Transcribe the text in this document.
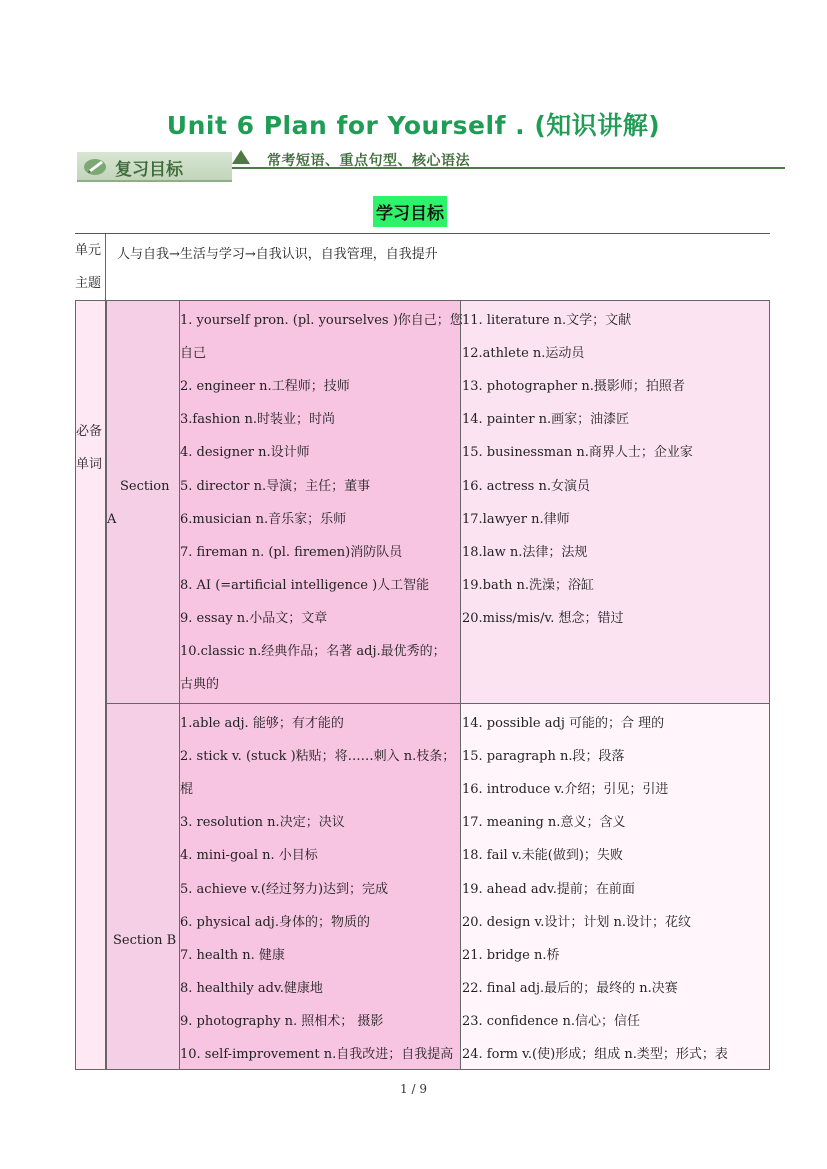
Unit 6 Plan for Yourself . (知识讲解)
复习目标	常考短语、重点句型、核心语法
学习目标
单元
主题
人与自我→生活与学习→自我认识，自我管理，自我提升
必备
单词
Section
A
1. yourself pron. (pl. yourselves )你自己；您
自己
2. engineer n.工程师；技师
3.fashion n.时装业；时尚
4. designer n.设计师
5. director n.导演；主任；董事
6.musician n.音乐家；乐师
7. fireman n. (pl. firemen)消防队员
8. AI (=artificial intelligence )人工智能
9. essay n.小品文；文章
10.classic n.经典作品；名著 adj.最优秀的；
古典的
11. literature n.文学；文献
12.athlete n.运动员
13. photographer n.摄影师；拍照者
14. painter n.画家；油漆匠
15. businessman n.商界人士；企业家
16. actress n.女演员
17.lawyer n.律师
18.law n.法律；法规
19.bath n.洗澡；浴缸
20.miss/mis/v. 想念；错过
Section B
1.able adj. 能够；有才能的
2. stick v. (stuck )粘贴；将……刺入 n.枝条；
棍
3. resolution n.决定；决议
4. mini-goal n. 小目标
5. achieve v.(经过努力)达到；完成
6. physical adj.身体的；物质的
7. health n. 健康
8. healthily adv.健康地
9. photography n. 照相术； 摄影
10. self-improvement n.自我改进；自我提高
14. possible adj 可能的；合 理的
15. paragraph n.段；段落
16. introduce v.介绍；引见；引进
17. meaning n.意义；含义
18. fail v.未能(做到)；失败
19. ahead adv.提前；在前面
20. design v.设计；计划 n.设计；花纹
21. bridge n.桥
22. final adj.最后的；最终的 n.决赛
23. confidence n.信心；信任
24. form v.(使)形成；组成 n.类型；形式；表
1 / 9
